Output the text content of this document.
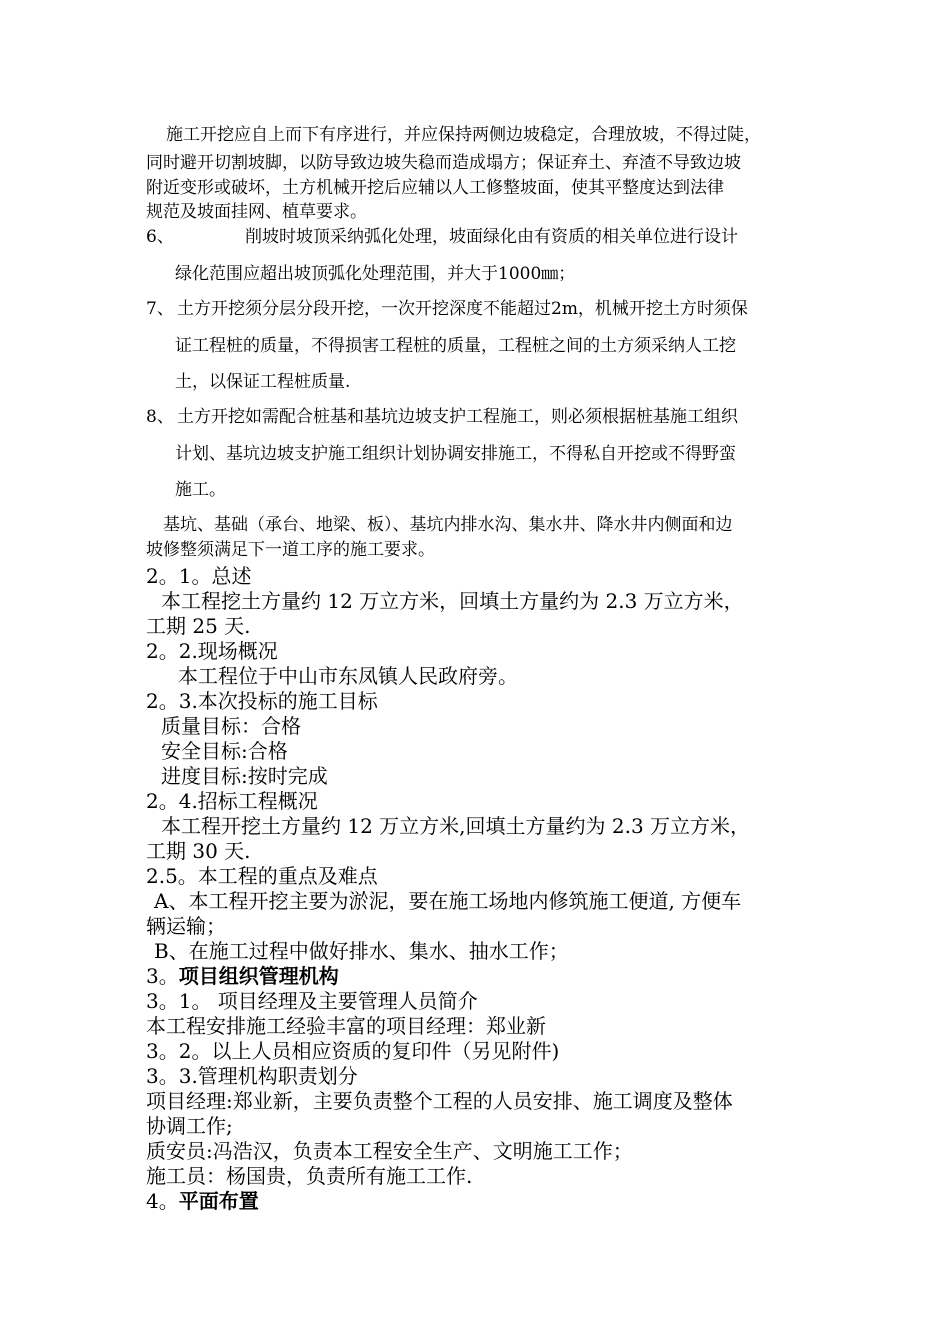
施工开挖应自上而下有序进行，并应保持两侧边坡稳定，合理放坡，不得过陡，
同时避开切割坡脚，以防导致边坡失稳而造成塌方；保证弃土、弃渣不导致边坡
附近变形或破坏，土方机械开挖后应辅以人工修整坡面，使其平整度达到法律
规范及坡面挂网、植草要求。
6、	削坡时坡顶采纳弧化处理，坡面绿化由有资质的相关单位进行设计
绿化范围应超出坡顶弧化处理范围，并大于1000㎜；
7、 土方开挖须分层分段开挖，一次开挖深度不能超过2m，机械开挖土方时须保
证工程桩的质量，不得损害工程桩的质量，工程桩之间的土方须采纳人工挖
土，以保证工程桩质量.
8、 土方开挖如需配合桩基和基坑边坡支护工程施工，则必须根据桩基施工组织
计划、基坑边坡支护施工组织计划协调安排施工，不得私自开挖或不得野蛮
施工。
基坑、基础（承台、地梁、板）、基坑内排水沟、集水井、降水井内侧面和边
坡修整须满足下一道工序的施工要求。
2。1。总述
本工程挖土方量约 12 万立方米，回填土方量约为 2.3 万立方米，
工期 25 天.
2。2.现场概况
本工程位于中山市东凤镇人民政府旁。
2。3.本次投标的施工目标
质量目标：合格
安全目标:合格
进度目标:按时完成
2。4.招标工程概况
本工程开挖土方量约 12 万立方米,回填土方量约为 2.3 万立方米，
工期 30 天.
2.5。本工程的重点及难点
A、本工程开挖主要为淤泥，要在施工场地内修筑施工便道, 方便车
辆运输；
B、在施工过程中做好排水、集水、抽水工作；
3。项目组织管理机构
3。1。 项目经理及主要管理人员简介
本工程安排施工经验丰富的项目经理：郑业新
3。2。以上人员相应资质的复印件（另见附件)
3。3.管理机构职责划分
项目经理:郑业新，主要负责整个工程的人员安排、施工调度及整体
协调工作;
质安员:冯浩汉，负责本工程安全生产、文明施工工作；
施工员：杨国贵，负责所有施工工作.
4。平面布置
